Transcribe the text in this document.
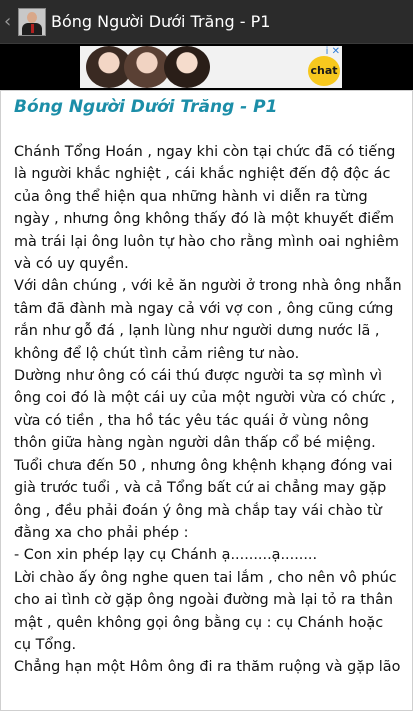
‹	Bóng Người Dưới Trăng - P1
i ✕
chat
Bóng Người Dưới Trăng - P1

Chánh Tổng Hoán , ngay khi còn tại chức đã có tiếng là người khắc nghiệt , cái khắc nghiệt đến độ độc ác của ông thể hiện qua những hành vi diễn ra từng ngày , nhưng ông không thấy đó là một khuyết điểm mà trái lại ông luôn tự hào cho rằng mình oai nghiêm và có uy quyền.

Với dân chúng , với kẻ ăn người ở trong nhà ông nhẫn tâm đã đành mà ngay cả với vợ con , ông cũng cứng rắn như gỗ đá , lạnh lùng như người dưng nước lã , không để lộ chút tình cảm riêng tư nào.

Dường như ông có cái thú được người ta sợ mình vì ông coi đó là một cái uy của một người vừa có chức , vừa có tiền , tha hồ tác yêu tác quái ở vùng nông thôn giữa hàng ngàn người dân thấp cổ bé miệng.

Tuổi chưa đến 50 , nhưng ông khệnh khạng đóng vai già trước tuổi , và cả Tổng bất cứ ai chẳng may gặp ông , đều phải đoán ý ông mà chắp tay vái chào từ đằng xa cho phải phép :

- Con xin phép lạy cụ Chánh ạ.........ạ........

Lời chào ấy ông nghe quen tai lắm , cho nên vô phúc cho ai tình cờ gặp ông ngoài đường mà lại tỏ ra thân mật , quên không gọi ông bằng cụ : cụ Chánh hoặc cụ Tổng.

Chẳng hạn một Hôm ông đi ra thăm ruộng và gặp lão
